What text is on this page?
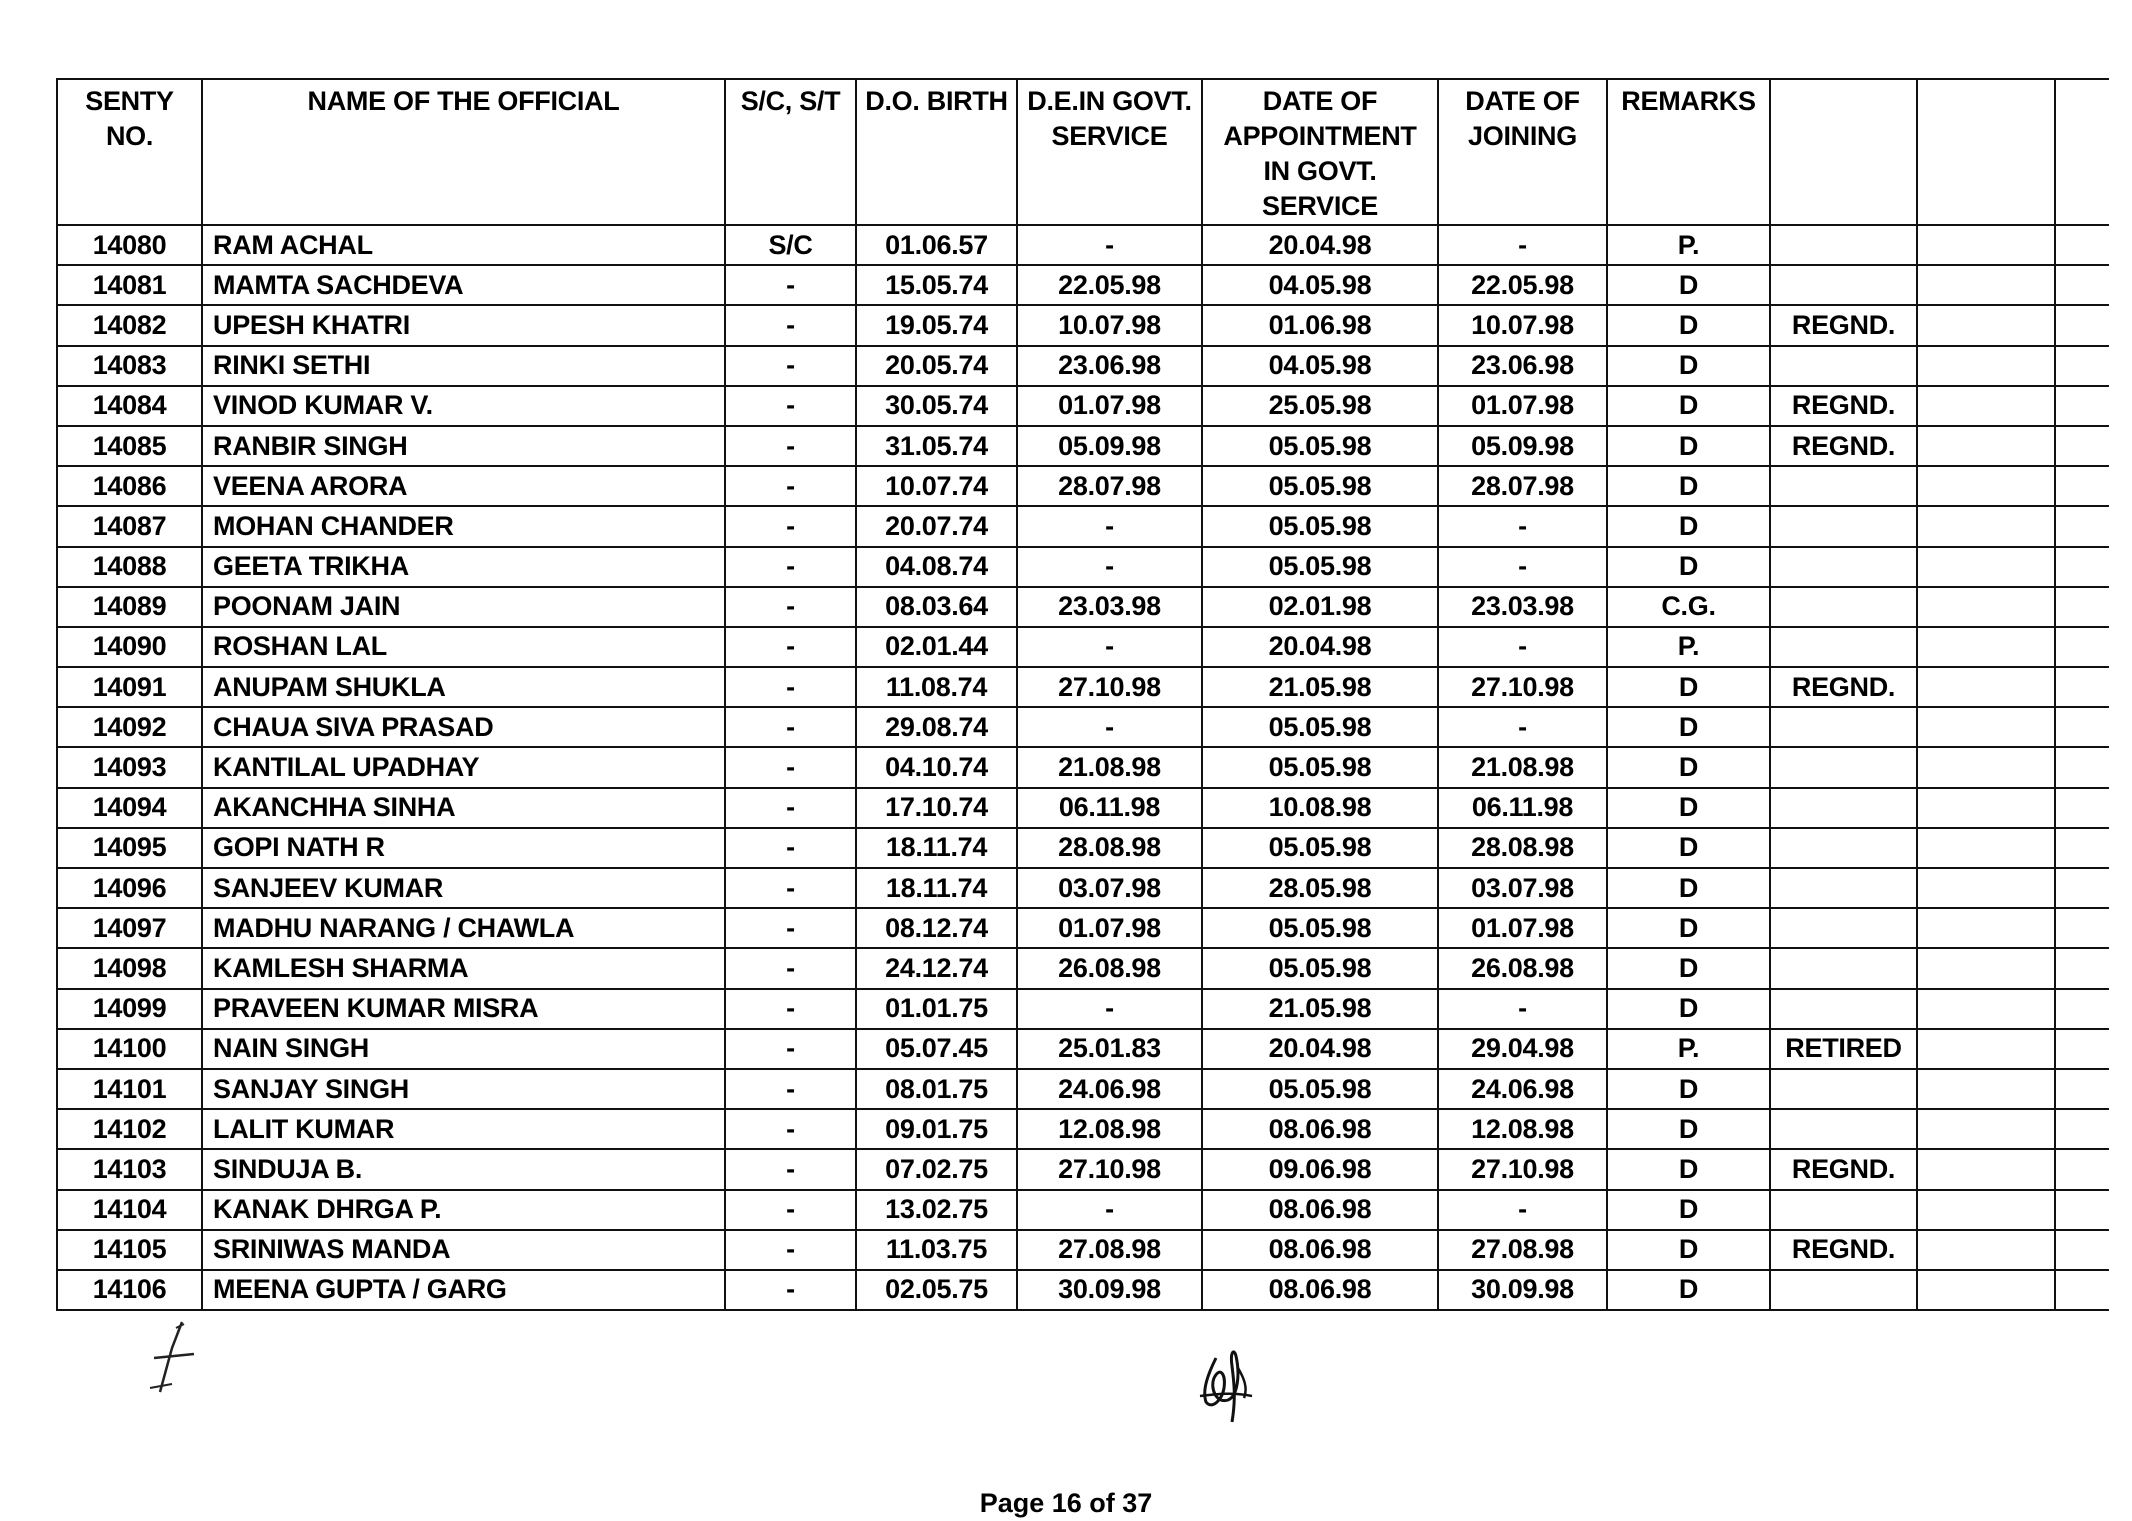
SENTY NO.	NAME OF THE OFFICIAL	S/C, S/T	D.O. BIRTH	D.E.IN GOVT. SERVICE	DATE OF APPOINTMENT IN GOVT. SERVICE	DATE OF JOINING	REMARKS			
14080	RAM ACHAL	S/C	01.06.57	-	20.04.98	-	P.			
14081	MAMTA SACHDEVA	-	15.05.74	22.05.98	04.05.98	22.05.98	D			
14082	UPESH KHATRI	-	19.05.74	10.07.98	01.06.98	10.07.98	D	REGND.		
14083	RINKI SETHI	-	20.05.74	23.06.98	04.05.98	23.06.98	D			
14084	VINOD KUMAR V.	-	30.05.74	01.07.98	25.05.98	01.07.98	D	REGND.		
14085	RANBIR SINGH	-	31.05.74	05.09.98	05.05.98	05.09.98	D	REGND.		
14086	VEENA ARORA	-	10.07.74	28.07.98	05.05.98	28.07.98	D			
14087	MOHAN CHANDER	-	20.07.74	-	05.05.98	-	D			
14088	GEETA TRIKHA	-	04.08.74	-	05.05.98	-	D			
14089	POONAM JAIN	-	08.03.64	23.03.98	02.01.98	23.03.98	C.G.			
14090	ROSHAN LAL	-	02.01.44	-	20.04.98	-	P.			
14091	ANUPAM SHUKLA	-	11.08.74	27.10.98	21.05.98	27.10.98	D	REGND.		
14092	CHAUA SIVA PRASAD	-	29.08.74	-	05.05.98	-	D			
14093	KANTILAL UPADHAY	-	04.10.74	21.08.98	05.05.98	21.08.98	D			
14094	AKANCHHA SINHA	-	17.10.74	06.11.98	10.08.98	06.11.98	D			
14095	GOPI NATH R	-	18.11.74	28.08.98	05.05.98	28.08.98	D			
14096	SANJEEV KUMAR	-	18.11.74	03.07.98	28.05.98	03.07.98	D			
14097	MADHU NARANG / CHAWLA	-	08.12.74	01.07.98	05.05.98	01.07.98	D			
14098	KAMLESH SHARMA	-	24.12.74	26.08.98	05.05.98	26.08.98	D			
14099	PRAVEEN KUMAR MISRA	-	01.01.75	-	21.05.98	-	D			
14100	NAIN SINGH	-	05.07.45	25.01.83	20.04.98	29.04.98	P.	RETIRED		
14101	SANJAY SINGH	-	08.01.75	24.06.98	05.05.98	24.06.98	D			
14102	LALIT KUMAR	-	09.01.75	12.08.98	08.06.98	12.08.98	D			
14103	SINDUJA B.	-	07.02.75	27.10.98	09.06.98	27.10.98	D	REGND.		
14104	KANAK DHRGA P.	-	13.02.75	-	08.06.98	-	D			
14105	SRINIWAS MANDA	-	11.03.75	27.08.98	08.06.98	27.08.98	D	REGND.		
14106	MEENA GUPTA / GARG	-	02.05.75	30.09.98	08.06.98	30.09.98	D			
Page 16 of 37
